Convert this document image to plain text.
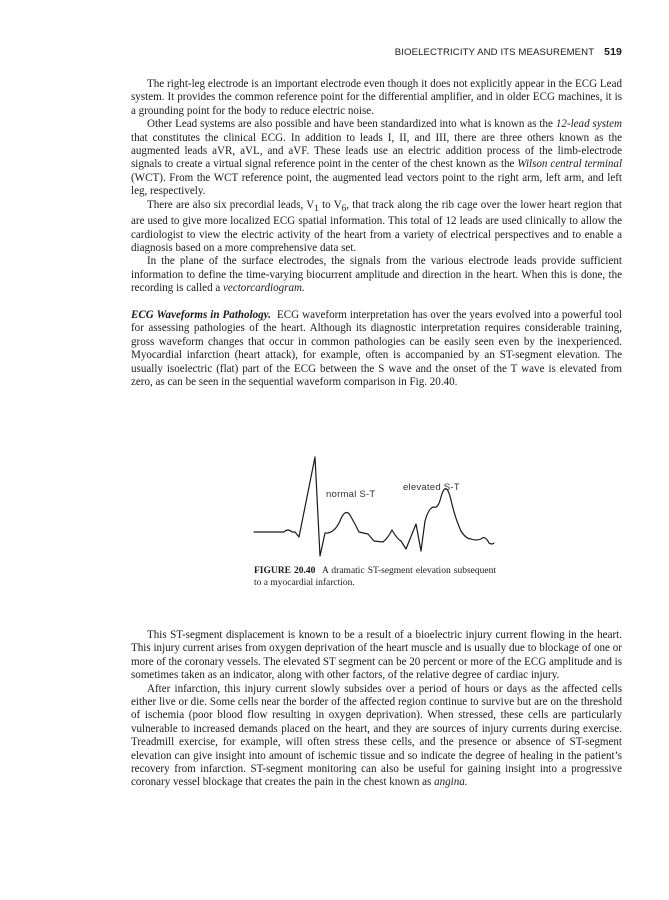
BIOELECTRICITY AND ITS MEASUREMENT 519

The right-leg electrode is an important electrode even though it does not explicitly appear in the ECG Lead system. It provides the common reference point for the differential amplifier, and in older ECG machines, it is a grounding point for the body to reduce electric noise.

Other Lead systems are also possible and have been standardized into what is known as the 12-lead system that constitutes the clinical ECG. In addition to leads I, II, and III, there are three others known as the augmented leads aVR, aVL, and aVF. These leads use an electric addition process of the limb-electrode signals to create a virtual signal reference point in the center of the chest known as the Wilson central terminal (WCT). From the WCT reference point, the augmented lead vectors point to the right arm, left arm, and left leg, respectively.

There are also six precordial leads, $V_1$ to $V_6$, that track along the rib cage over the lower heart region that are used to give more localized ECG spatial information. This total of 12 leads are used clinically to allow the cardiologist to view the electric activity of the heart from a variety of electrical perspectives and to enable a diagnosis based on a more comprehensive data set.

In the plane of the surface electrodes, the signals from the various electrode leads provide sufficient information to define the time-varying biocurrent amplitude and direction in the heart. When this is done, the recording is called a vectorcardiogram.

ECG Waveforms in Pathology. ECG waveform interpretation has over the years evolved into a powerful tool for assessing pathologies of the heart. Although its diagnostic interpretation requires considerable training, gross waveform changes that occur in common pathologies can be easily seen even by the inexperienced. Myocardial infarction (heart attack), for example, often is accompanied by an ST-segment elevation. The usually isoelectric (flat) part of the ECG between the S wave and the onset of the T wave is elevated from zero, as can be seen in the sequential waveform comparison in Fig. 20.40.

normal S-T
elevated S-T
FIGURE 20.40 A dramatic ST-segment elevation subsequent to a myocardial infarction.

This ST-segment displacement is known to be a result of a bioelectric injury current flowing in the heart. This injury current arises from oxygen deprivation of the heart muscle and is usually due to blockage of one or more of the coronary vessels. The elevated ST segment can be 20 percent or more of the ECG amplitude and is sometimes taken as an indicator, along with other factors, of the relative degree of cardiac injury.

After infarction, this injury current slowly subsides over a period of hours or days as the affected cells either live or die. Some cells near the border of the affected region continue to survive but are on the threshold of ischemia (poor blood flow resulting in oxygen deprivation). When stressed, these cells are particularly vulnerable to increased demands placed on the heart, and they are sources of injury currents during exercise. Treadmill exercise, for example, will often stress these cells, and the presence or absence of ST-segment elevation can give insight into amount of ischemic tissue and so indicate the degree of healing in the patient’s recovery from infarction. ST-segment monitoring can also be useful for gaining insight into a progressive coronary vessel blockage that creates the pain in the chest known as angina.
